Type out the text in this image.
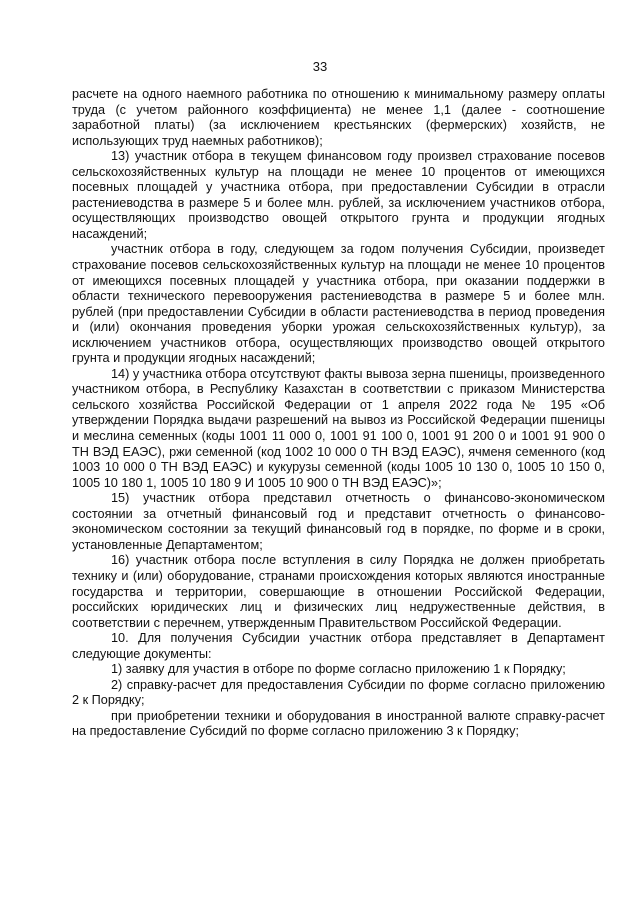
33

расчете на одного наемного работника по отношению к минимальному размеру оплаты труда (с учетом районного коэффициента) не менее 1,1 (далее - соотношение заработной платы) (за исключением крестьянских (фермерских) хозяйств, не использующих труд наемных работников);

13) участник отбора в текущем финансовом году произвел страхование посевов сельскохозяйственных культур на площади не менее 10 процентов от имеющихся посевных площадей у участника отбора, при предоставлении Субсидии в отрасли растениеводства в размере 5 и более млн. рублей, за исключением участников отбора, осуществляющих производство овощей открытого грунта и продукции ягодных насаждений;

участник отбора в году, следующем за годом получения Субсидии, произведет страхование посевов сельскохозяйственных культур на площади не менее 10 процентов от имеющихся посевных площадей у участника отбора, при оказании поддержки в области технического перевооружения растениеводства в размере 5 и более млн. рублей (при предоставлении Субсидии в области растениеводства в период проведения и (или) окончания проведения уборки урожая сельскохозяйственных культур), за исключением участников отбора, осуществляющих производство овощей открытого грунта и продукции ягодных насаждений;

14) у участника отбора отсутствуют факты вывоза зерна пшеницы, произведенного участником отбора, в Республику Казахстан в соответствии с приказом Министерства сельского хозяйства Российской Федерации от 1 апреля 2022 года № 195 «Об утверждении Порядка выдачи разрешений на вывоз из Российской Федерации пшеницы и меслина семенных (коды 1001 11 000 0, 1001 91 100 0, 1001 91 200 0 и 1001 91 900 0 ТН ВЭД ЕАЭС), ржи семенной (код 1002 10 000 0 ТН ВЭД ЕАЭС), ячменя семенного (код 1003 10 000 0 ТН ВЭД ЕАЭС) и кукурузы семенной (коды 1005 10 130 0, 1005 10 150 0, 1005 10 180 1, 1005 10 180 9 И 1005 10 900 0 ТН ВЭД ЕАЭС)»;

15) участник отбора представил отчетность о финансово-экономическом состоянии за отчетный финансовый год и представит отчетность о финансово-экономическом состоянии за текущий финансовый год в порядке, по форме и в сроки, установленные Департаментом;

16) участник отбора после вступления в силу Порядка не должен приобретать технику и (или) оборудование, странами происхождения которых являются иностранные государства и территории, совершающие в отношении Российской Федерации, российских юридических лиц и физических лиц недружественные действия, в соответствии с перечнем, утвержденным Правительством Российской Федерации.

10. Для получения Субсидии участник отбора представляет в Департамент следующие документы:

1) заявку для участия в отборе по форме согласно приложению 1 к Порядку;

2) справку-расчет для предоставления Субсидии по форме согласно приложению 2 к Порядку;

при приобретении техники и оборудования в иностранной валюте справку-расчет на предоставление Субсидий по форме согласно приложению 3 к Порядку;
